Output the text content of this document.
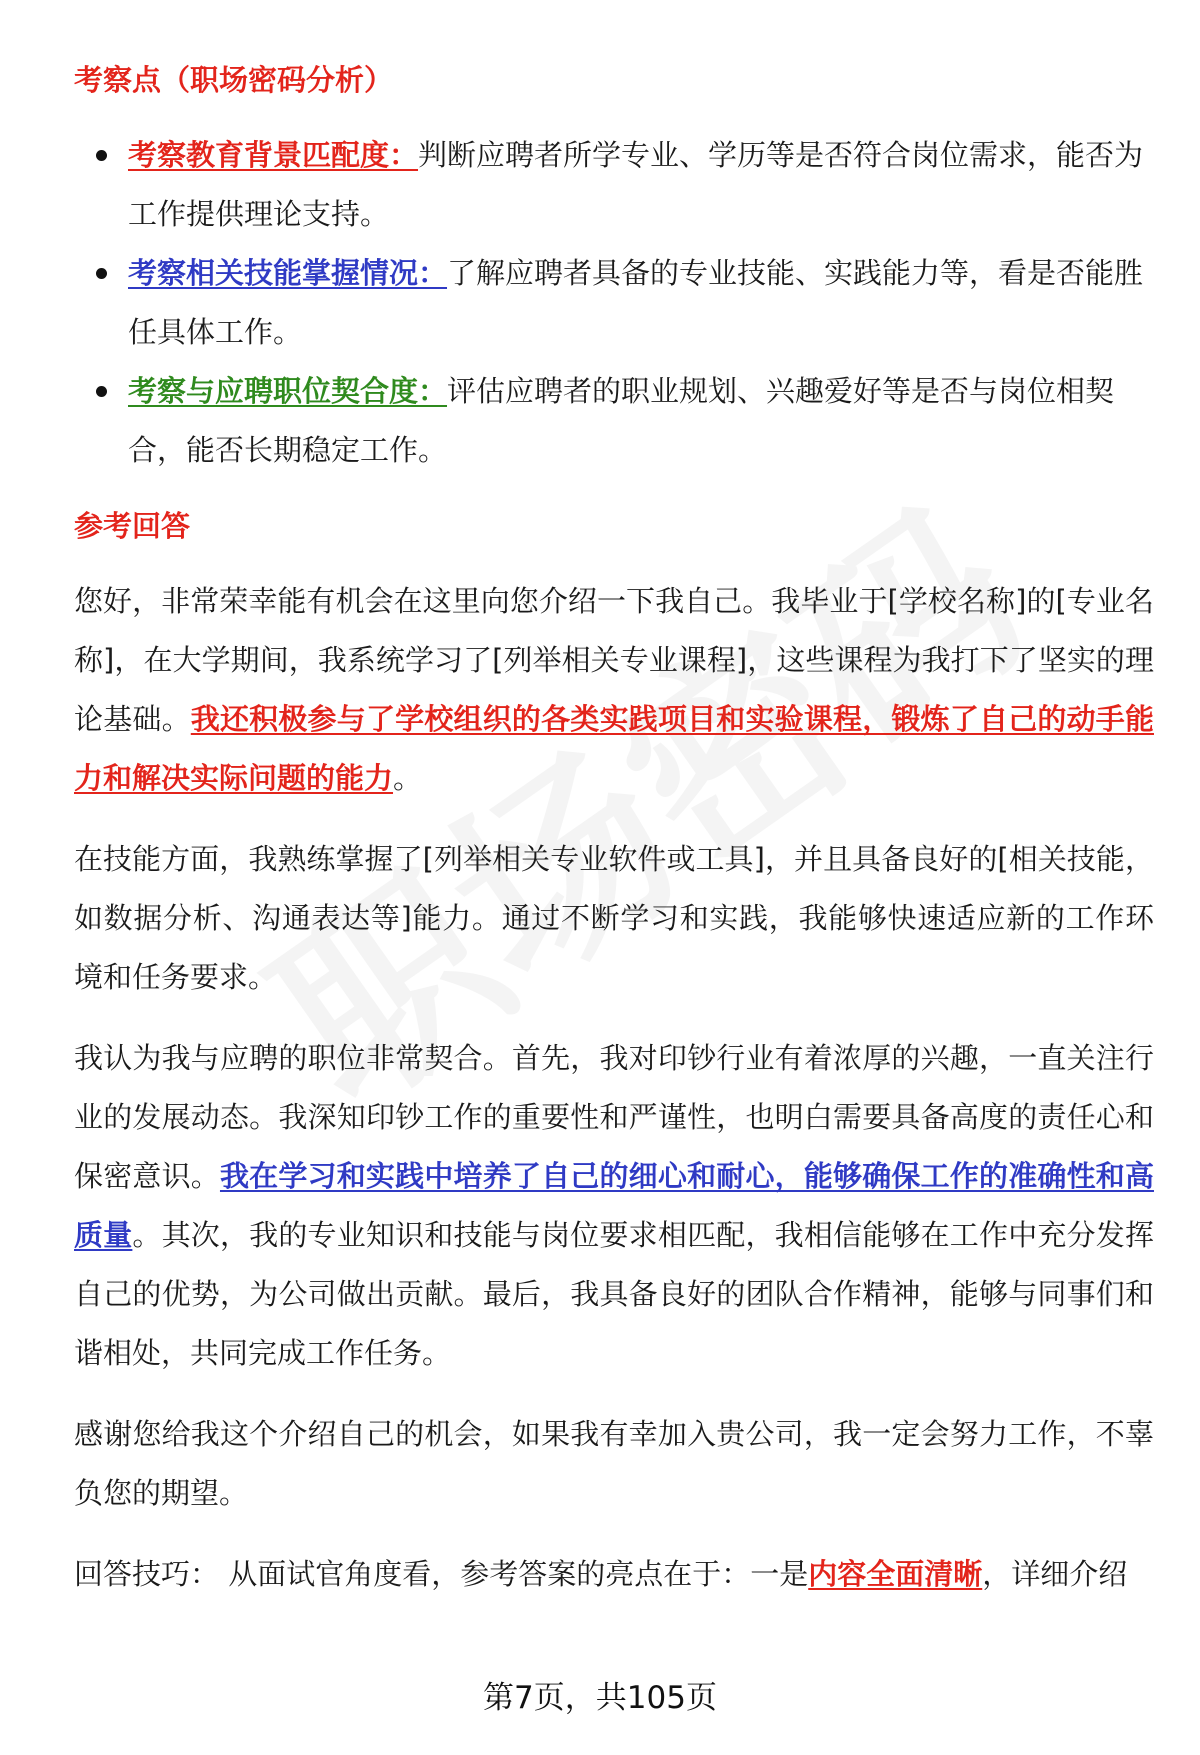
考察点（职场密码分析）
考察教育背景匹配度：判断应聘者所学专业、学历等是否符合岗位需求，能否为工作提供理论支持。
考察相关技能掌握情况：了解应聘者具备的专业技能、实践能力等，看是否能胜任具体工作。
考察与应聘职位契合度：评估应聘者的职业规划、兴趣爱好等是否与岗位相契合，能否长期稳定工作。
参考回答

您好，非常荣幸能有机会在这里向您介绍一下我自己。我毕业于[学校名称]的[专业名称]，在大学期间，我系统学习了[列举相关专业课程]，这些课程为我打下了坚实的理论基础。我还积极参与了学校组织的各类实践项目和实验课程，锻炼了自己的动手能力和解决实际问题的能力。

在技能方面，我熟练掌握了[列举相关专业软件或工具]，并且具备良好的[相关技能，如数据分析、沟通表达等]能力。通过不断学习和实践，我能够快速适应新的工作环境和任务要求。

我认为我与应聘的职位非常契合。首先，我对印钞行业有着浓厚的兴趣，一直关注行业的发展动态。我深知印钞工作的重要性和严谨性，也明白需要具备高度的责任心和保密意识。我在学习和实践中培养了自己的细心和耐心，能够确保工作的准确性和高质量。其次，我的专业知识和技能与岗位要求相匹配，我相信能够在工作中充分发挥自己的优势，为公司做出贡献。最后，我具备良好的团队合作精神，能够与同事们和谐相处，共同完成工作任务。

感谢您给我这个介绍自己的机会，如果我有幸加入贵公司，我一定会努力工作，不辜负您的期望。

回答技巧： 从面试官角度看，参考答案的亮点在于：一是内容全面清晰，详细介绍

第7页，共105页
